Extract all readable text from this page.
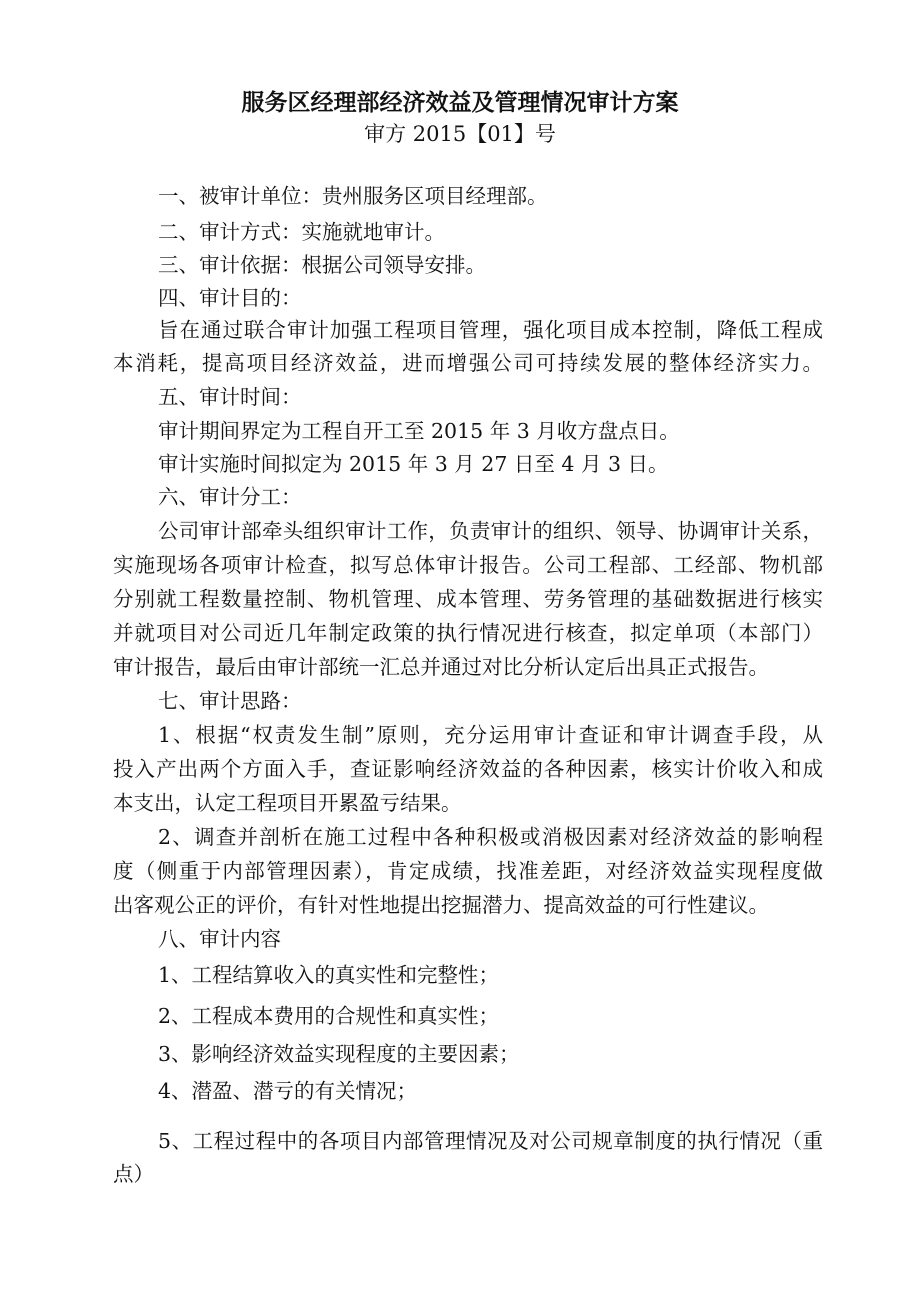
服务区经理部经济效益及管理情况审计方案
审方 2015【01】号
一、被审计单位：贵州服务区项目经理部。
二、审计方式：实施就地审计。
三、审计依据：根据公司领导安排。
四、审计目的：
旨在通过联合审计加强工程项目管理，强化项目成本控制，降低工程成
本消耗，提高项目经济效益，进而增强公司可持续发展的整体经济实力。
五、审计时间：
审计期间界定为工程自开工至 2015 年 3 月收方盘点日。
审计实施时间拟定为 2015 年 3 月 27 日至 4 月 3 日。
六、审计分工：
公司审计部牵头组织审计工作，负责审计的组织、领导、协调审计关系，
实施现场各项审计检查，拟写总体审计报告。公司工程部、工经部、物机部
分别就工程数量控制、物机管理、成本管理、劳务管理的基础数据进行核实
并就项目对公司近几年制定政策的执行情况进行核查，拟定单项（本部门）
审计报告，最后由审计部统一汇总并通过对比分析认定后出具正式报告。
七、审计思路：
1、根据“权责发生制”原则，充分运用审计查证和审计调查手段，从
投入产出两个方面入手，查证影响经济效益的各种因素，核实计价收入和成
本支出，认定工程项目开累盈亏结果。
2、调查并剖析在施工过程中各种积极或消极因素对经济效益的影响程
度（侧重于内部管理因素），肯定成绩，找准差距，对经济效益实现程度做
出客观公正的评价，有针对性地提出挖掘潜力、提高效益的可行性建议。
八、审计内容
1、工程结算收入的真实性和完整性；
2、工程成本费用的合规性和真实性；
3、影响经济效益实现程度的主要因素；
4、潜盈、潜亏的有关情况；
5、工程过程中的各项目内部管理情况及对公司规章制度的执行情况（重
点）
